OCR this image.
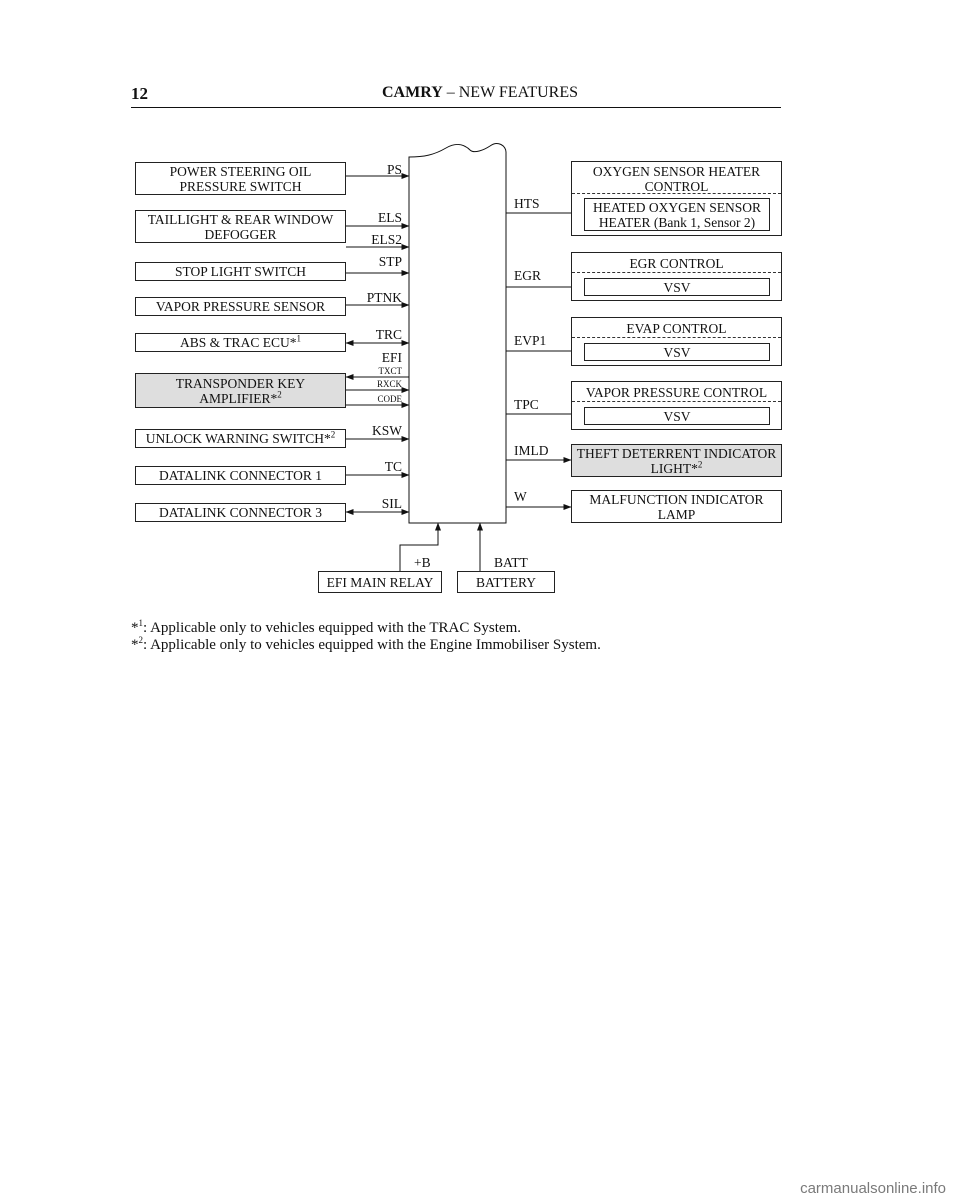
12	CAMRY – NEW FEATURES
POWER STEERING OIL
PRESSURE SWITCH
TAILLIGHT & REAR WINDOW
DEFOGGER
STOP LIGHT SWITCH
VAPOR PRESSURE SENSOR
ABS & TRAC ECU*$^1$
TRANSPONDER KEY
AMPLIFIER*$^2$
UNLOCK WARNING SWITCH*$^2$
DATALINK CONNECTOR 1
DATALINK CONNECTOR 3
PS
ELS
ELS2
STP
PTNK
TRC
EFI
TXCT
RXCK
CODE
KSW
TC
SIL
HTS
EGR
EVP1
TPC
IMLD
W
OXYGEN SENSOR HEATER
CONTROL
HEATED OXYGEN SENSOR
HEATER (Bank 1, Sensor 2)
EGR CONTROL
VSV
EVAP CONTROL
VSV
VAPOR PRESSURE CONTROL
VSV
THEFT DETERRENT INDICATOR
LIGHT*$^2$
MALFUNCTION INDICATOR
LAMP
+B	BATT
EFI MAIN RELAY	BATTERY
*$^1$: Applicable only to vehicles equipped with the TRAC System.
*$^2$: Applicable only to vehicles equipped with the Engine Immobiliser System.
carmanualsonline.info
